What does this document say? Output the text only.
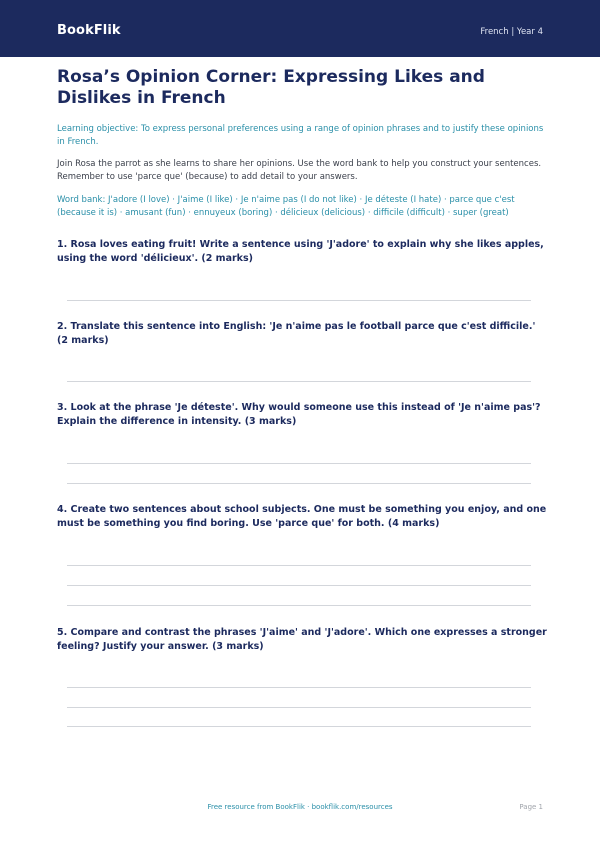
BookFlik	French | Year 4
Rosa’s Opinion Corner: Expressing Likes and Dislikes in French
Learning objective: To express personal preferences using a range of opinion phrases and to justify these opinions in French.
Join Rosa the parrot as she learns to share her opinions. Use the word bank to help you construct your sentences. Remember to use 'parce que' (because) to add detail to your answers.
Word bank: J'adore (I love) · J'aime (I like) · Je n'aime pas (I do not like) · Je déteste (I hate) · parce que c'est (because it is) · amusant (fun) · ennuyeux (boring) · délicieux (delicious) · difficile (difficult) · super (great)
1. Rosa loves eating fruit! Write a sentence using 'J'adore' to explain why she likes apples, using the word 'délicieux'. (2 marks)
2. Translate this sentence into English: 'Je n'aime pas le football parce que c'est difficile.' (2 marks)
3. Look at the phrase 'Je déteste'. Why would someone use this instead of 'Je n'aime pas'? Explain the difference in intensity. (3 marks)
4. Create two sentences about school subjects. One must be something you enjoy, and one must be something you find boring. Use 'parce que' for both. (4 marks)
5. Compare and contrast the phrases 'J'aime' and 'J'adore'. Which one expresses a stronger feeling? Justify your answer. (3 marks)
Free resource from BookFlik · bookflik.com/resources	Page 1
